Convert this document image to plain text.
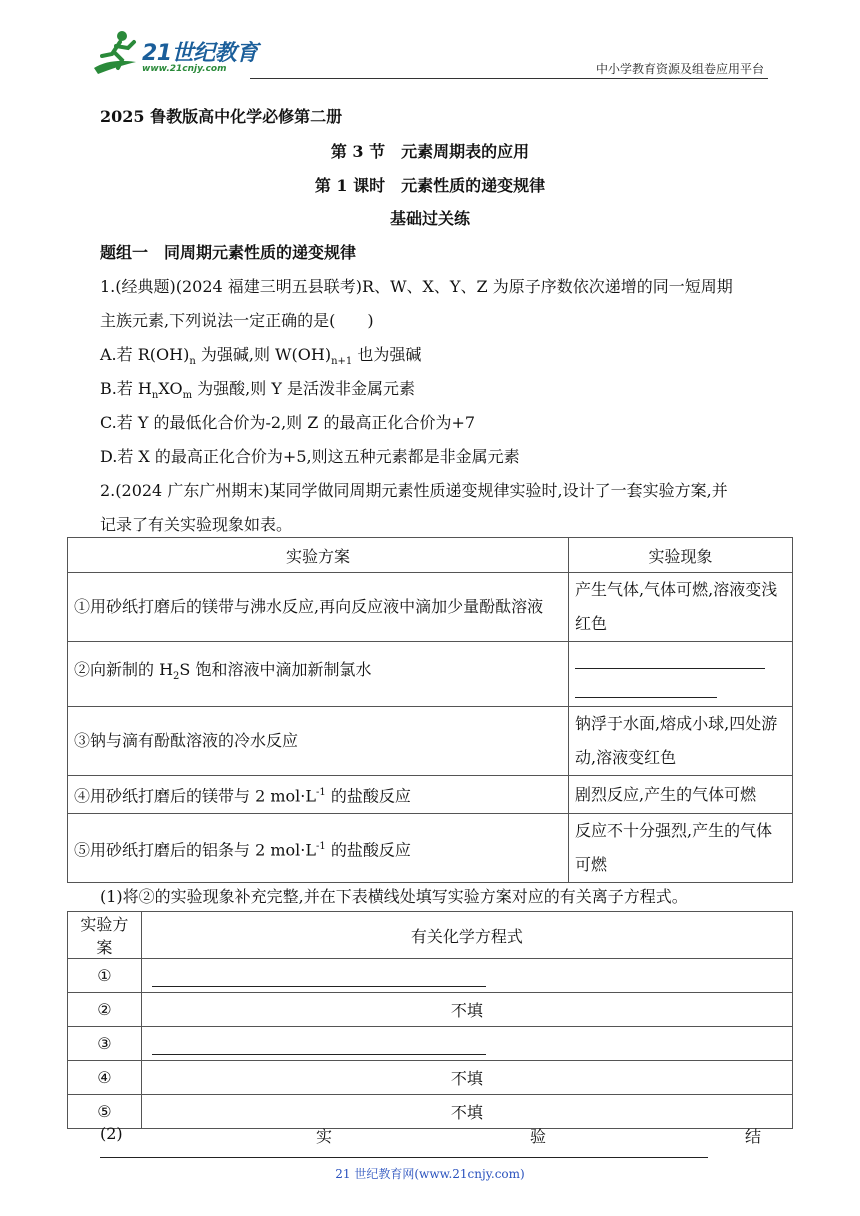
21世纪教育
www.21cnjy.com	中小学教育资源及组卷应用平台
2025 鲁教版高中化学必修第二册
第 3 节　元素周期表的应用
第 1 课时　元素性质的递变规律
基础过关练
题组一　同周期元素性质的递变规律
1.(经典题)(2024 福建三明五县联考)R、W、X、Y、Z 为原子序数依次递增的同一短周期
主族元素,下列说法一定正确的是(　　)
A.若 $R(OH)_n$ 为强碱,则 $W(OH)_{n+1}$ 也为强碱
B.若 $H_nXO_m$ 为强酸,则 Y 是活泼非金属元素
C.若 Y 的最低化合价为-2,则 Z 的最高正化合价为+7
D.若 X 的最高正化合价为+5,则这五种元素都是非金属元素
2.(2024 广东广州期末)某同学做同周期元素性质递变规律实验时,设计了一套实验方案,并
记录了有关实验现象如表。
实验方案	实验现象
①用砂纸打磨后的镁带与沸水反应,再向反应液中滴加少量酚酞溶液	产生气体,气体可燃,溶液变浅红色
②向新制的 $H_2S$ 饱和溶液中滴加新制氯水	

③钠与滴有酚酞溶液的冷水反应	钠浮于水面,熔成小球,四处游动,溶液变红色
④用砂纸打磨后的镁带与 2 $mol\cdot L^{-1}$ 的盐酸反应	剧烈反应,产生的气体可燃
⑤用砂纸打磨后的铝条与 2 $mol\cdot L^{-1}$ 的盐酸反应	反应不十分强烈,产生的气体可燃
(1)将②的实验现象补充完整,并在下表横线处填写实验方案对应的有关离子方程式。
实验方案	有关化学方程式
①	
②	不填
③	
④	不填
⑤	不填
(2)	实	验	结
21 世纪教育网(www.21cnjy.com)
